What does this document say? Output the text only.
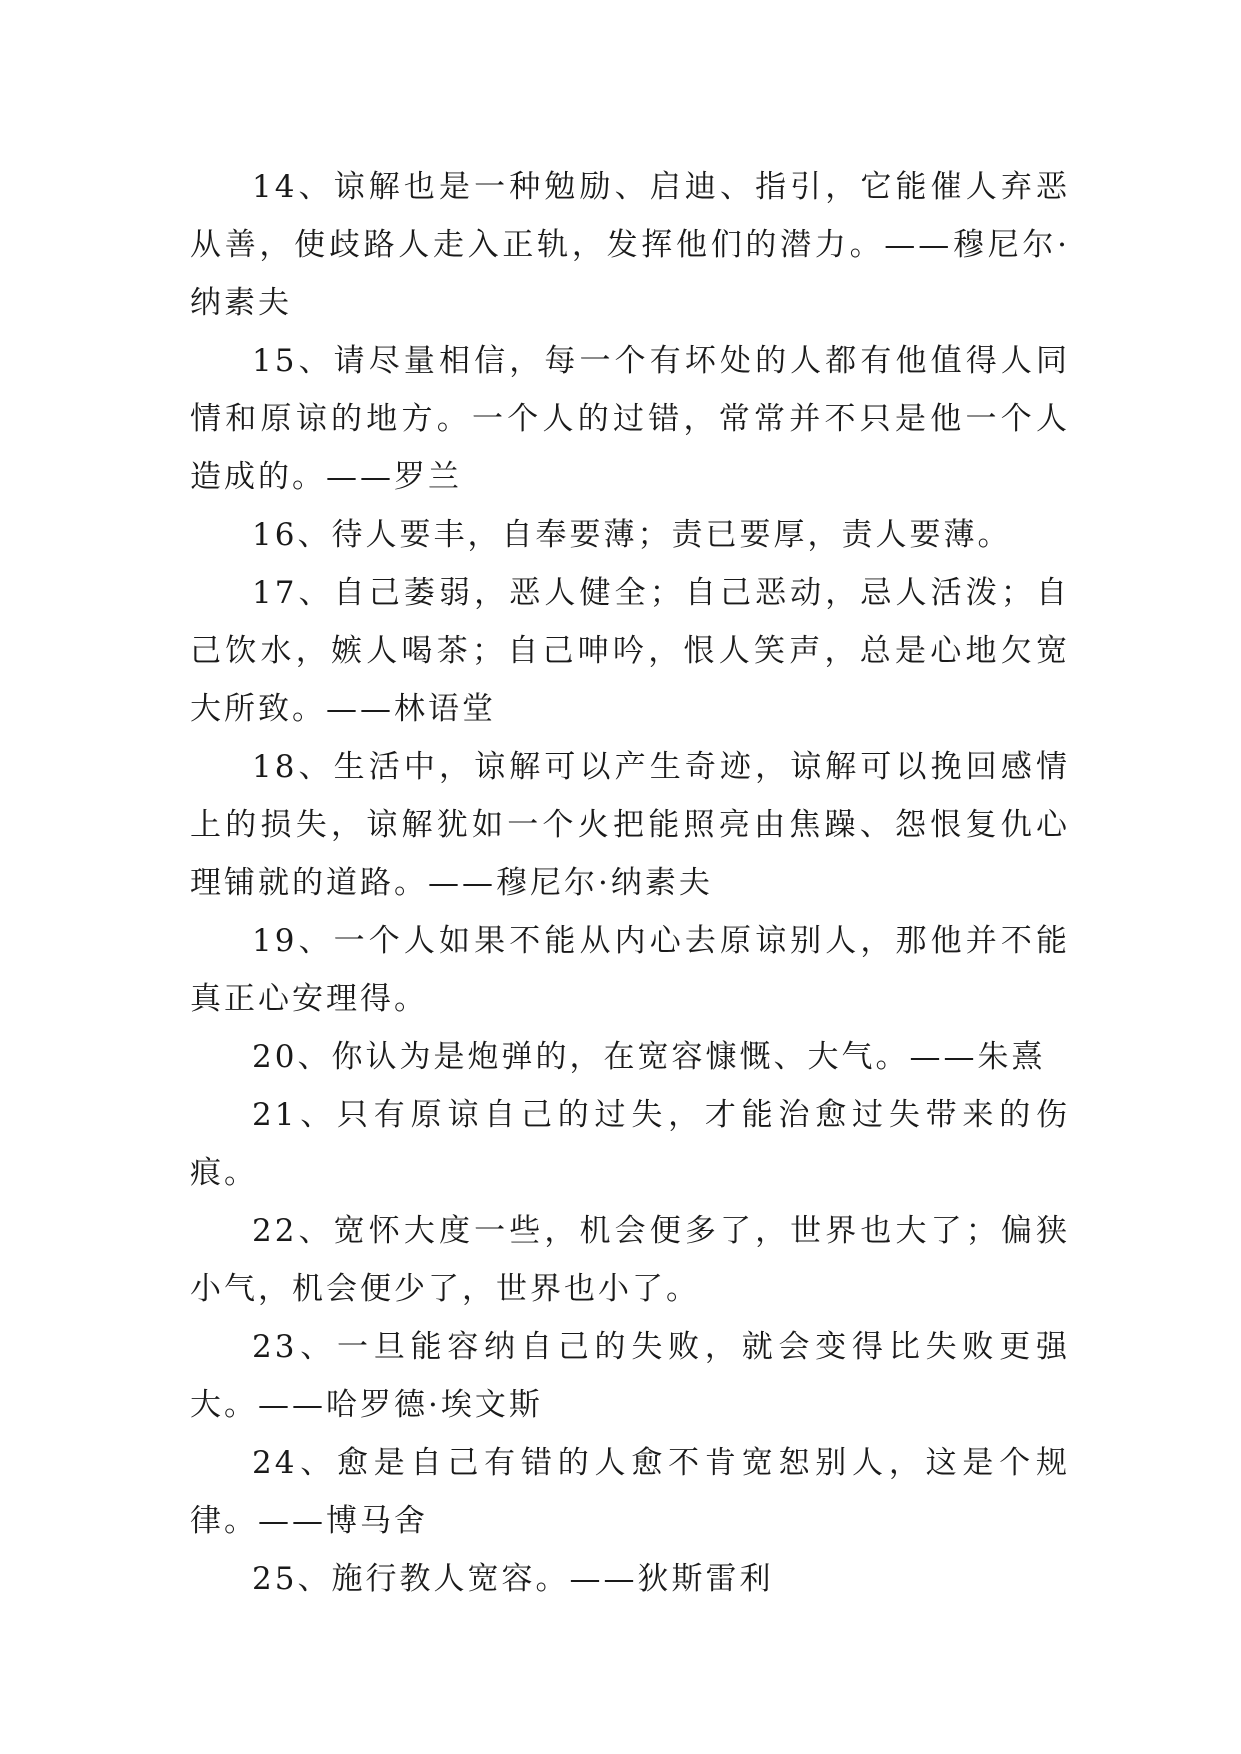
14、谅解也是一种勉励、启迪、指引，它能催人弃恶从善，使歧路人走入正轨，发挥他们的潜力。——穆尼尔·纳素夫

15、请尽量相信，每一个有坏处的人都有他值得人同情和原谅的地方。一个人的过错，常常并不只是他一个人造成的。——罗兰

16、待人要丰，自奉要薄；责已要厚，责人要薄。

17、自己萎弱，恶人健全；自己恶动，忌人活泼；自己饮水，嫉人喝茶；自己呻吟，恨人笑声，总是心地欠宽大所致。——林语堂

18、生活中，谅解可以产生奇迹，谅解可以挽回感情上的损失，谅解犹如一个火把能照亮由焦躁、怨恨复仇心理铺就的道路。——穆尼尔·纳素夫

19、一个人如果不能从内心去原谅别人，那他并不能真正心安理得。

20、你认为是炮弹的，在宽容慷慨、大气。——朱熹

21、只有原谅自己的过失，才能治愈过失带来的伤痕。

22、宽怀大度一些，机会便多了，世界也大了；偏狭小气，机会便少了，世界也小了。

23、一旦能容纳自己的失败，就会变得比失败更强大。——哈罗德·埃文斯

24、愈是自己有错的人愈不肯宽恕别人，这是个规律。——博马舍

25、施行教人宽容。——狄斯雷利
